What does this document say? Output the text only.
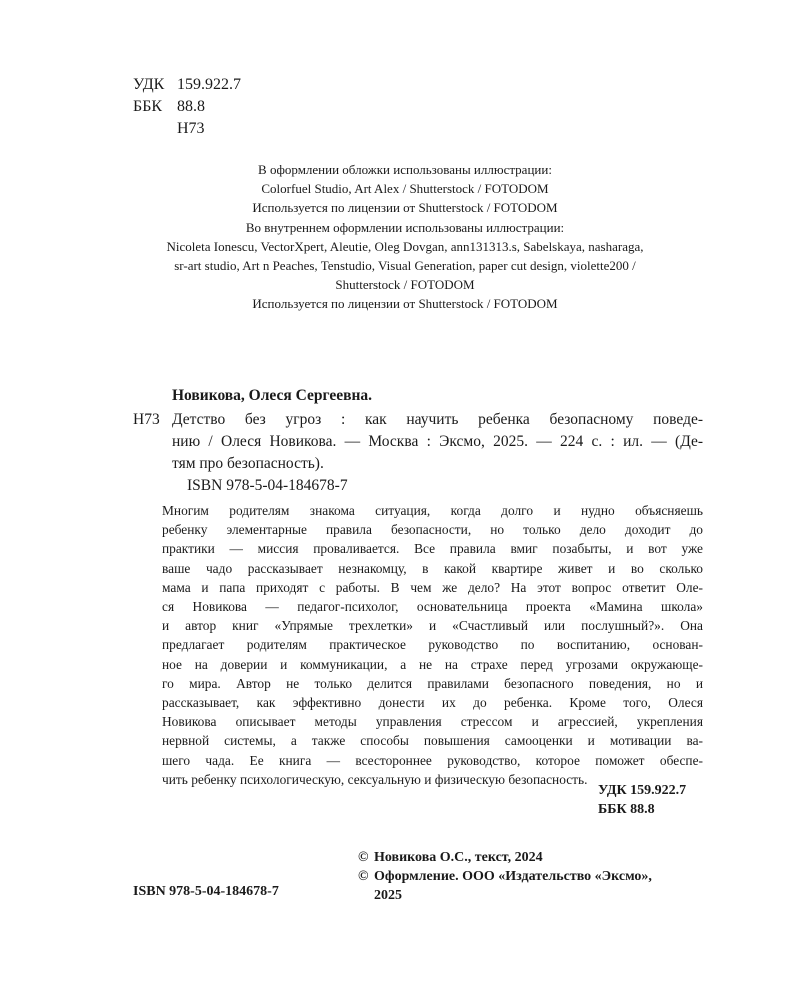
УДК 159.922.7
ББК 88.8
Н73
В оформлении обложки использованы иллюстрации:
Colorfuel Studio, Art Alex / Shutterstock / FOTODOM
Используется по лицензии от Shutterstock / FOTODOM
Во внутреннем оформлении использованы иллюстрации:
Nicoleta Ionescu, VectorXpert, Aleutie, Oleg Dovgan, ann131313.s, Sabelskaya, nasharaga,
sr-art studio, Art n Peaches, Tenstudio, Visual Generation, paper cut design, violette200 /
Shutterstock / FOTODOM
Используется по лицензии от Shutterstock / FOTODOM
Новикова, Олеся Сергеевна.
Н73 Детство без угроз : как научить ребенка безопасному поведе-
нию / Олеся Новикова. — Москва : Эксмо, 2025. — 224 с. : ил. — (Де-
тям про безопасность).
ISBN 978-5-04-184678-7
Многим родителям знакома ситуация, когда долго и нудно объясняешь
ребенку элементарные правила безопасности, но только дело доходит до
практики — миссия проваливается. Все правила вмиг позабыты, и вот уже
ваше чадо рассказывает незнакомцу, в какой квартире живет и во сколько
мама и папа приходят с работы. В чем же дело? На этот вопрос ответит Оле-
ся Новикова — педагог-психолог, основательница проекта «Мамина школа»
и автор книг «Упрямые трехлетки» и «Счастливый или послушный?». Она
предлагает родителям практическое руководство по воспитанию, основан-
ное на доверии и коммуникации, а не на страхе перед угрозами окружающе-
го мира. Автор не только делится правилами безопасного поведения, но и
рассказывает, как эффективно донести их до ребенка. Кроме того, Олеся
Новикова описывает методы управления стрессом и агрессией, укрепления
нервной системы, а также способы повышения самооценки и мотивации ва-
шего чада. Ее книга — всестороннее руководство, которое поможет обеспе-
чить ребенку психологическую, сексуальную и физическую безопасность.
УДК 159.922.7
ББК 88.8
© Новикова О.С., текст, 2024
© Оформление. ООО «Издательство «Эксмо»,
2025
ISBN 978-5-04-184678-7
